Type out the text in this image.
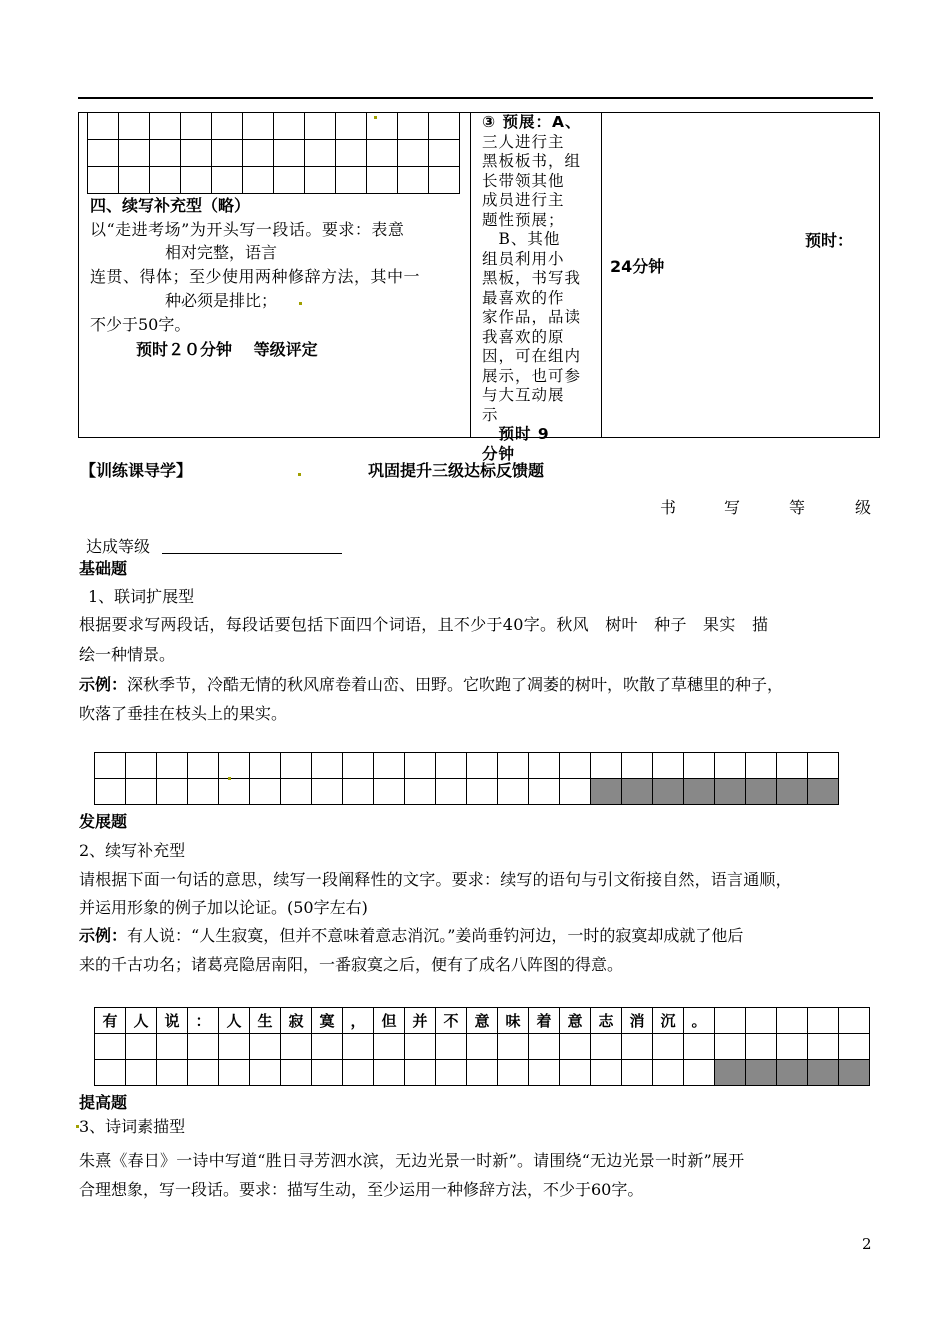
四、续写补充型（略）
以“走进考场”为开头写一段话。要求：表意
相对完整，语言
连贯、得体；至少使用两种修辞方法，其中一
种必须是排比；
不少于50字。
预时２０分钟　 等级评定

③ 预展：A、

三人进行主

黑板板书，组

长带领其他

成员进行主

题性预展；

　B、其他

组员利用小

黑板，书写我

最喜欢的作

家作品，品读

我喜欢的原

因，可在组内

展示，也可参

与大互动展

示

　预时 9

分钟

预时：
24分钟
【训练课导学】	巩固提升三级达标反馈题
书	写	等	级
达成等级
基础题
1、联词扩展型
根据要求写两段话，每段话要包括下面四个词语，且不少于40字。秋风　树叶　种子　果实　描
绘一种情景。
示例：深秋季节，冷酷无情的秋风席卷着山峦、田野。它吹跑了凋萎的树叶，吹散了草穗里的种子，
吹落了垂挂在枝头上的果实。

发展题
2、续写补充型
请根据下面一句话的意思，续写一段阐释性的文字。要求：续写的语句与引文衔接自然，语言通顺，
并运用形象的例子加以论证。(50字左右)
示例：有人说：“人生寂寞，但并不意味着意志消沉。”姜尚垂钓河边，一时的寂寞却成就了他后
来的千古功名；诸葛亮隐居南阳，一番寂寞之后，便有了成名八阵图的得意。
有	人	说	：	人	生	寂	寞	，	但	并	不	意	味	着	意	志	消	沉	。					

提高题
3、诗词素描型
朱熹《春日》一诗中写道“胜日寻芳泗水滨，无边光景一时新”。请围绕“无边光景一时新”展开
合理想象，写一段话。要求：描写生动，至少运用一种修辞方法，不少于60字。
2
